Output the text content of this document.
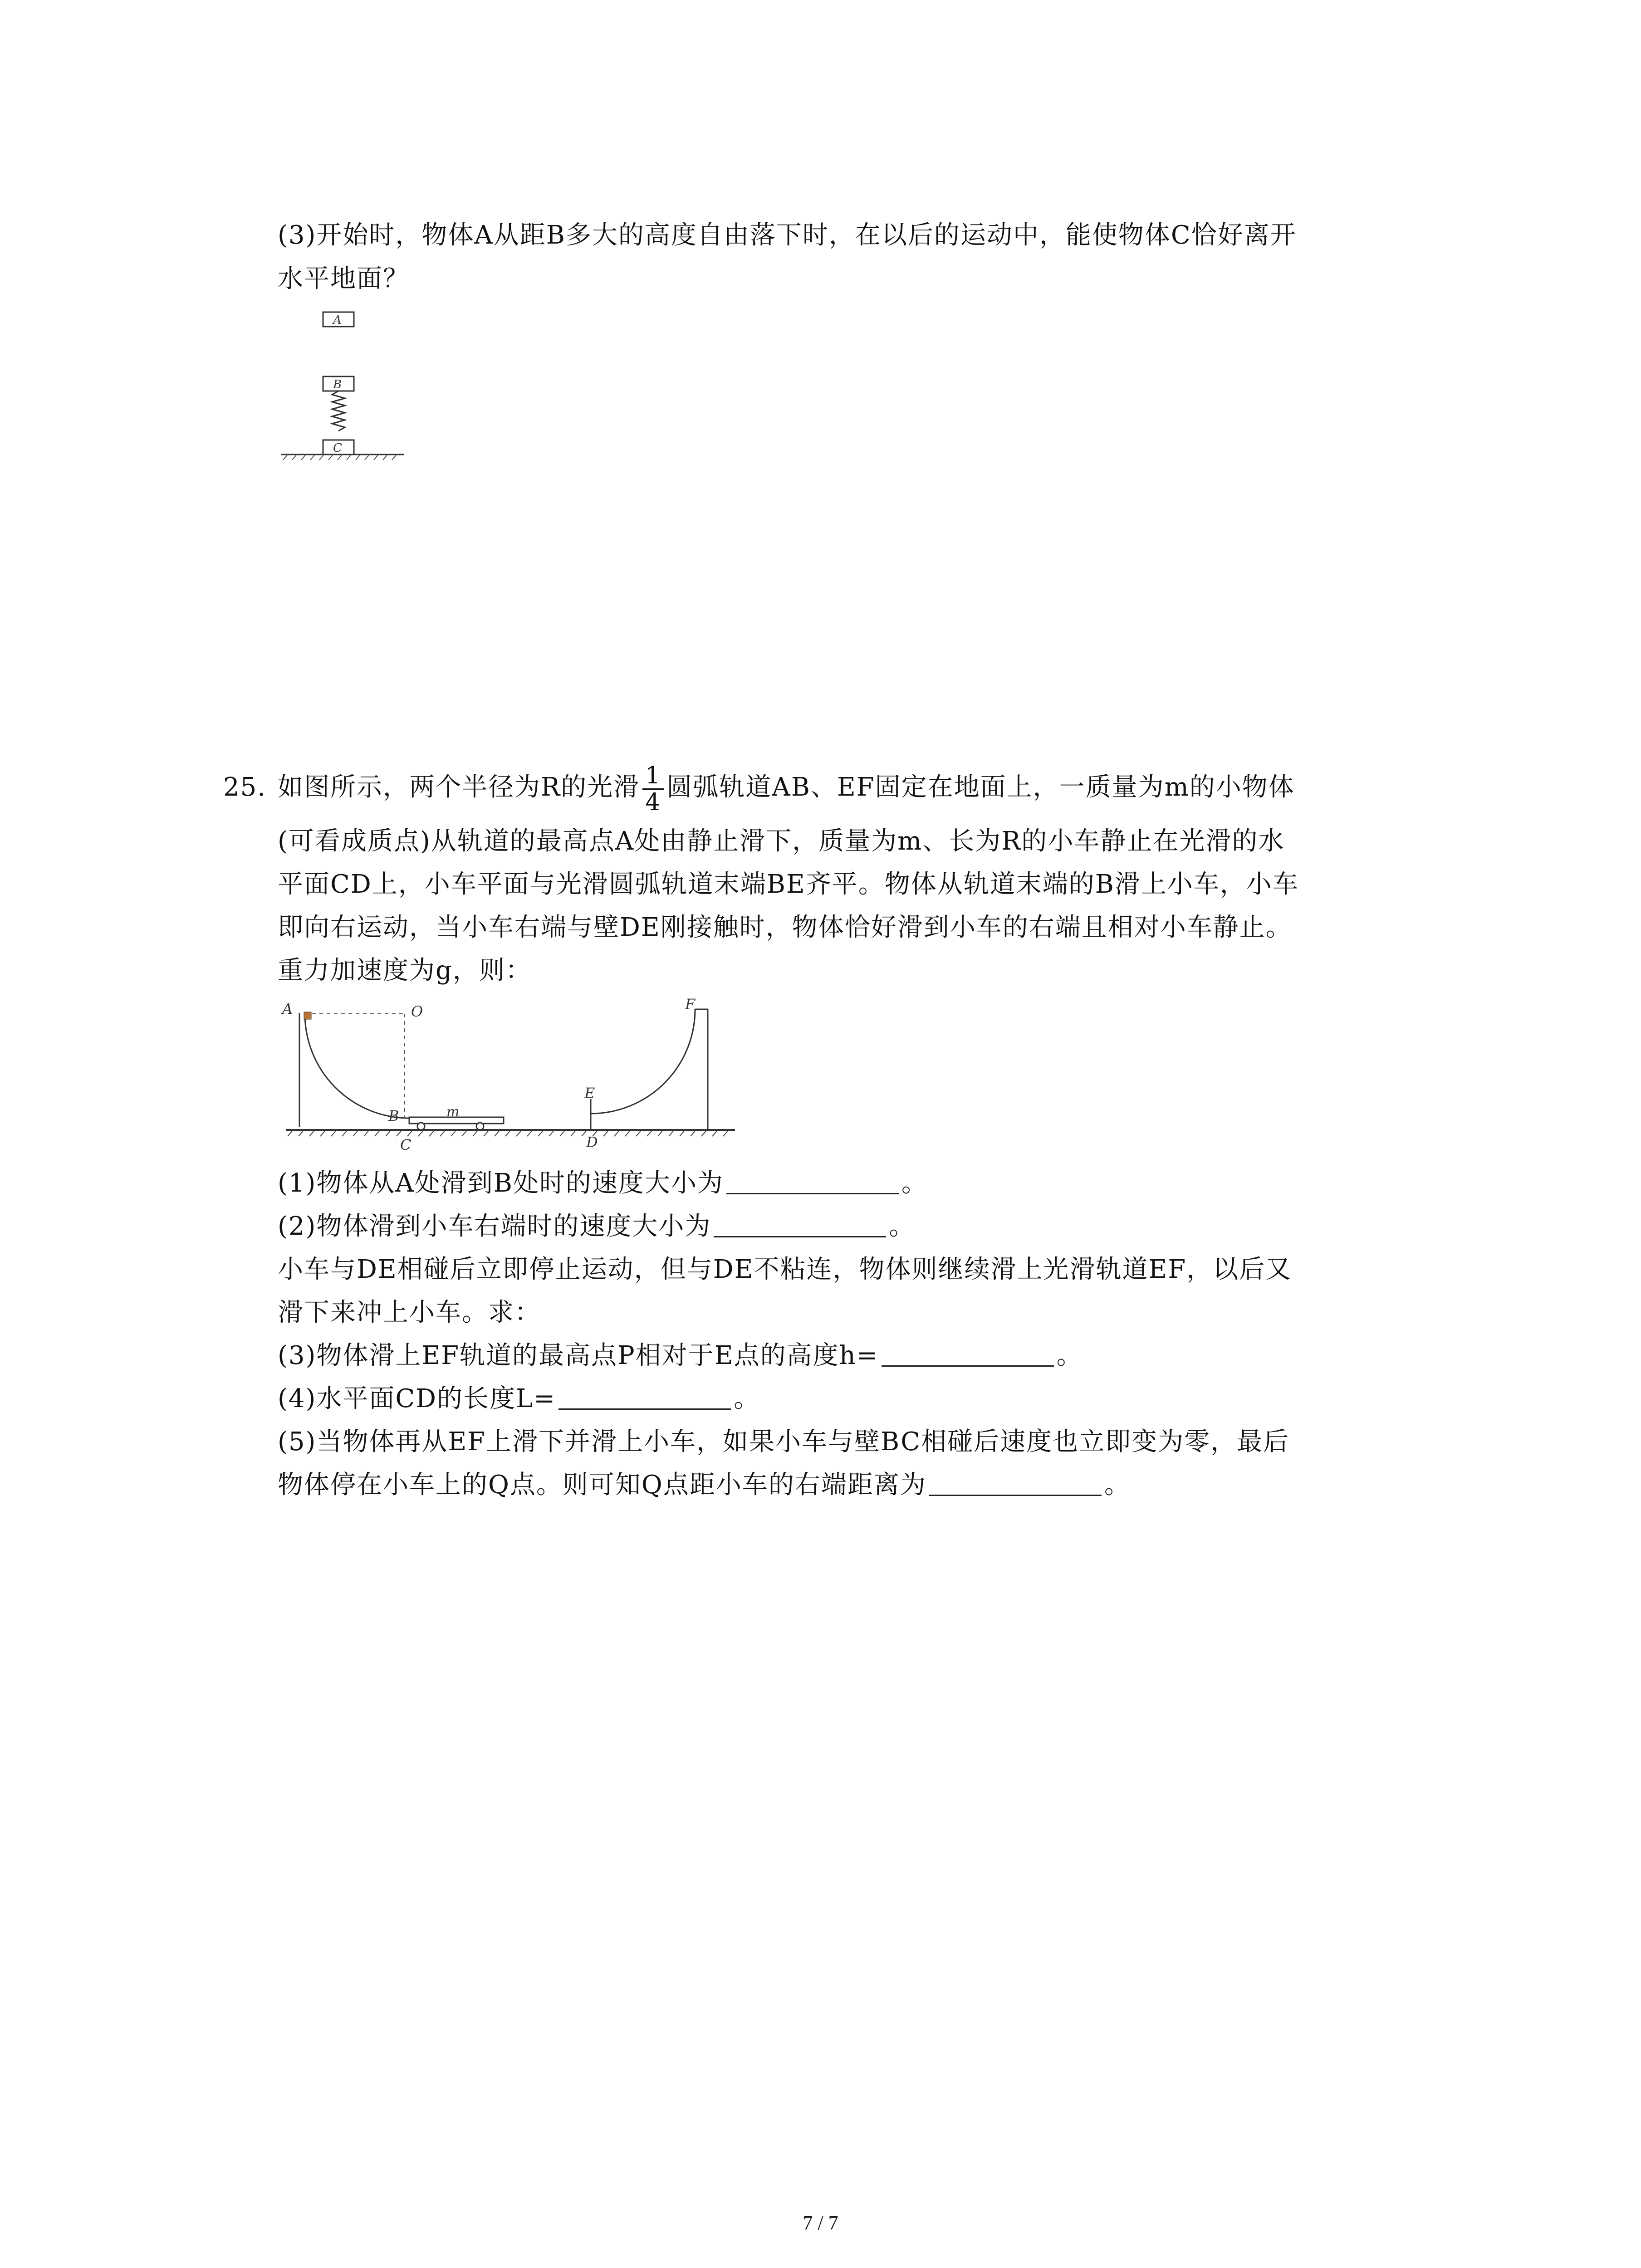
(3)开始时，物体A从距B多大的高度自由落下时，在以后的运动中，能使物体C恰好离开
水平地面？
A
B
C
25. 如图所示，两个半径为R的光滑 $\frac{1}{4}$ 圆弧轨道AB、EF固定在地面上，一质量为m的小物体
(可看成质点)从轨道的最高点A处由静止滑下，质量为m、长为R的小车静止在光滑的水
平面CD上，小车平面与光滑圆弧轨道末端BE齐平。物体从轨道末端的B滑上小车，小车
即向右运动，当小车右端与壁DE刚接触时，物体恰好滑到小车的右端且相对小车静止。
重力加速度为g，则：
A	O
m
B
F
E
C	D
(1)物体从A处滑到B处时的速度大小为	。
(2)物体滑到小车右端时的速度大小为	。
小车与DE相碰后立即停止运动，但与DE不粘连，物体则继续滑上光滑轨道EF，以后又
滑下来冲上小车。求：
(3)物体滑上EF轨道的最高点P相对于E点的高度h=	。
(4)水平面CD的长度L=	。
(5)当物体再从EF上滑下并滑上小车，如果小车与壁BC相碰后速度也立即变为零，最后
物体停在小车上的Q点。则可知Q点距小车的右端距离为	。
7 / 7
